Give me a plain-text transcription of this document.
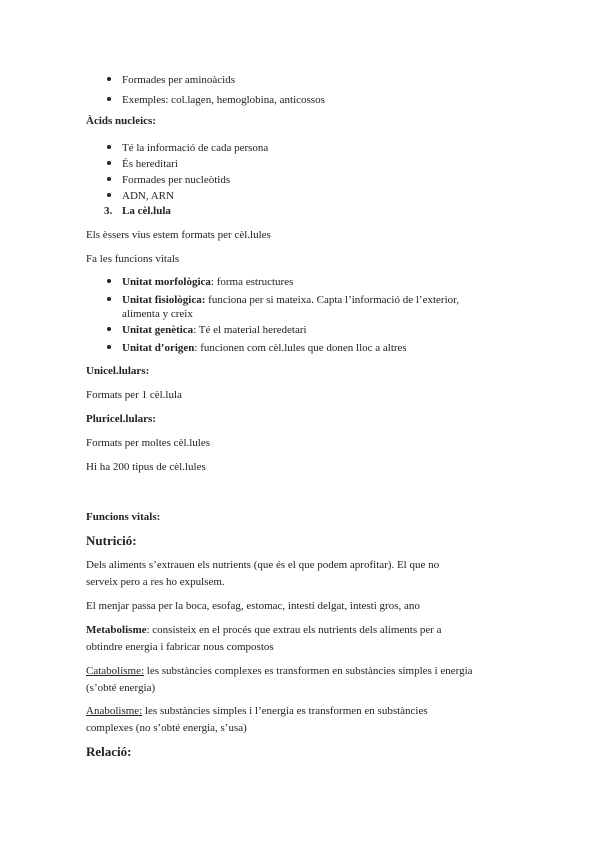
Formades per aminoàcids
Exemples: col.lagen, hemoglobina, anticossos
Àcids nucleics:
Té la informació de cada persona
És hereditari
Formades per nucleòtids
ADN, ARN
3. La cèl.lula
Els èssers vius estem formats per cèl.lules
Fa les funcions vitals
Unitat morfològica: forma estructures
Unitat fisiològica: funciona per si mateixa. Capta l’informació de l’exterior,
alimenta y creix
Unitat genètica: Té el material heredetari
Unitat d’origen: funcionen com cèl.lules que donen lloc a altres
Unicel.lulars:
Formats per 1 cèl.lula
Pluricel.lulars:
Formats per moltes cèl.lules
Hi ha 200 tipus de cèl.lules
Funcions vitals:
Nutrició:
Dels aliments s’extrauen els nutrients (que és el que podem aprofitar). El que no
serveix pero a res ho expulsem.
El menjar passa per la boca, esofag, estomac, intesti delgat, intesti gros, ano
Metabolisme: consisteix en el procés que extrau els nutrients dels aliments per a
obtindre energia i fabricar nous compostos
Catabolisme: les substàncies complexes es transformen en substàncies simples i energia
(s’obté energia)
Anabolisme: les substàncies simples i l’energia es transformen en substàncies
complexes (no s’obté energia, s’usa)
Relació:
